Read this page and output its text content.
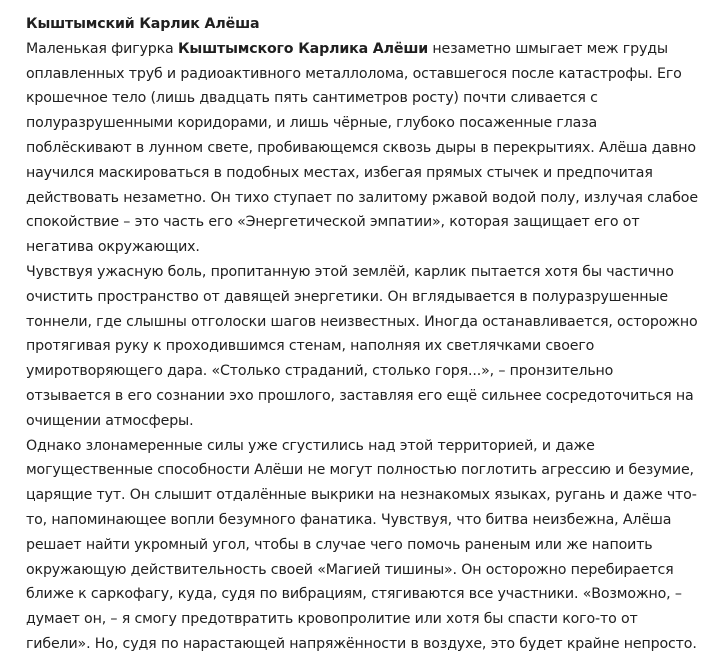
Кыштымский Карлик Алёша

Маленькая фигурка Кыштымского Карлика Алёши незаметно шмыгает меж груды оплавленных труб и радиоактивного металлолома, оставшегося после катастрофы. Его крошечное тело (лишь двадцать пять сантиметров росту) почти сливается с полуразрушенными коридорами, и лишь чёрные, глубоко посаженные глаза поблёскивают в лунном свете, пробивающемся сквозь дыры в перекрытиях. Алёша давно научился маскироваться в подобных местах, избегая прямых стычек и предпочитая действовать незаметно. Он тихо ступает по залитому ржавой водой полу, излучая слабое спокойствие – это часть его «Энергетической эмпатии», которая защищает его от негатива окружающих.

Чувствуя ужасную боль, пропитанную этой землёй, карлик пытается хотя бы частично очистить пространство от давящей энергетики. Он вглядывается в полуразрушенные тоннели, где слышны отголоски шагов неизвестных. Иногда останавливается, осторожно протягивая руку к проходившимся стенам, наполняя их светлячками своего умиротворяющего дара. «Столько страданий, столько горя...», – пронзительно отзывается в его сознании эхо прошлого, заставляя его ещё сильнее сосредоточиться на очищении атмосферы.

Однако злонамеренные силы уже сгустились над этой территорией, и даже могущественные способности Алёши не могут полностью поглотить агрессию и безумие, царящие тут. Он слышит отдалённые выкрики на незнакомых языках, ругань и даже что-то, напоминающее вопли безумного фанатика. Чувствуя, что битва неизбежна, Алёша решает найти укромный угол, чтобы в случае чего помочь раненым или же напоить окружающую действительность своей «Магией тишины». Он осторожно перебирается ближе к саркофагу, куда, судя по вибрациям, стягиваются все участники. «Возможно, – думает он, – я смогу предотвратить кровопролитие или хотя бы спасти кого-то от гибели». Но, судя по нарастающей напряжённости в воздухе, это будет крайне непросто.
